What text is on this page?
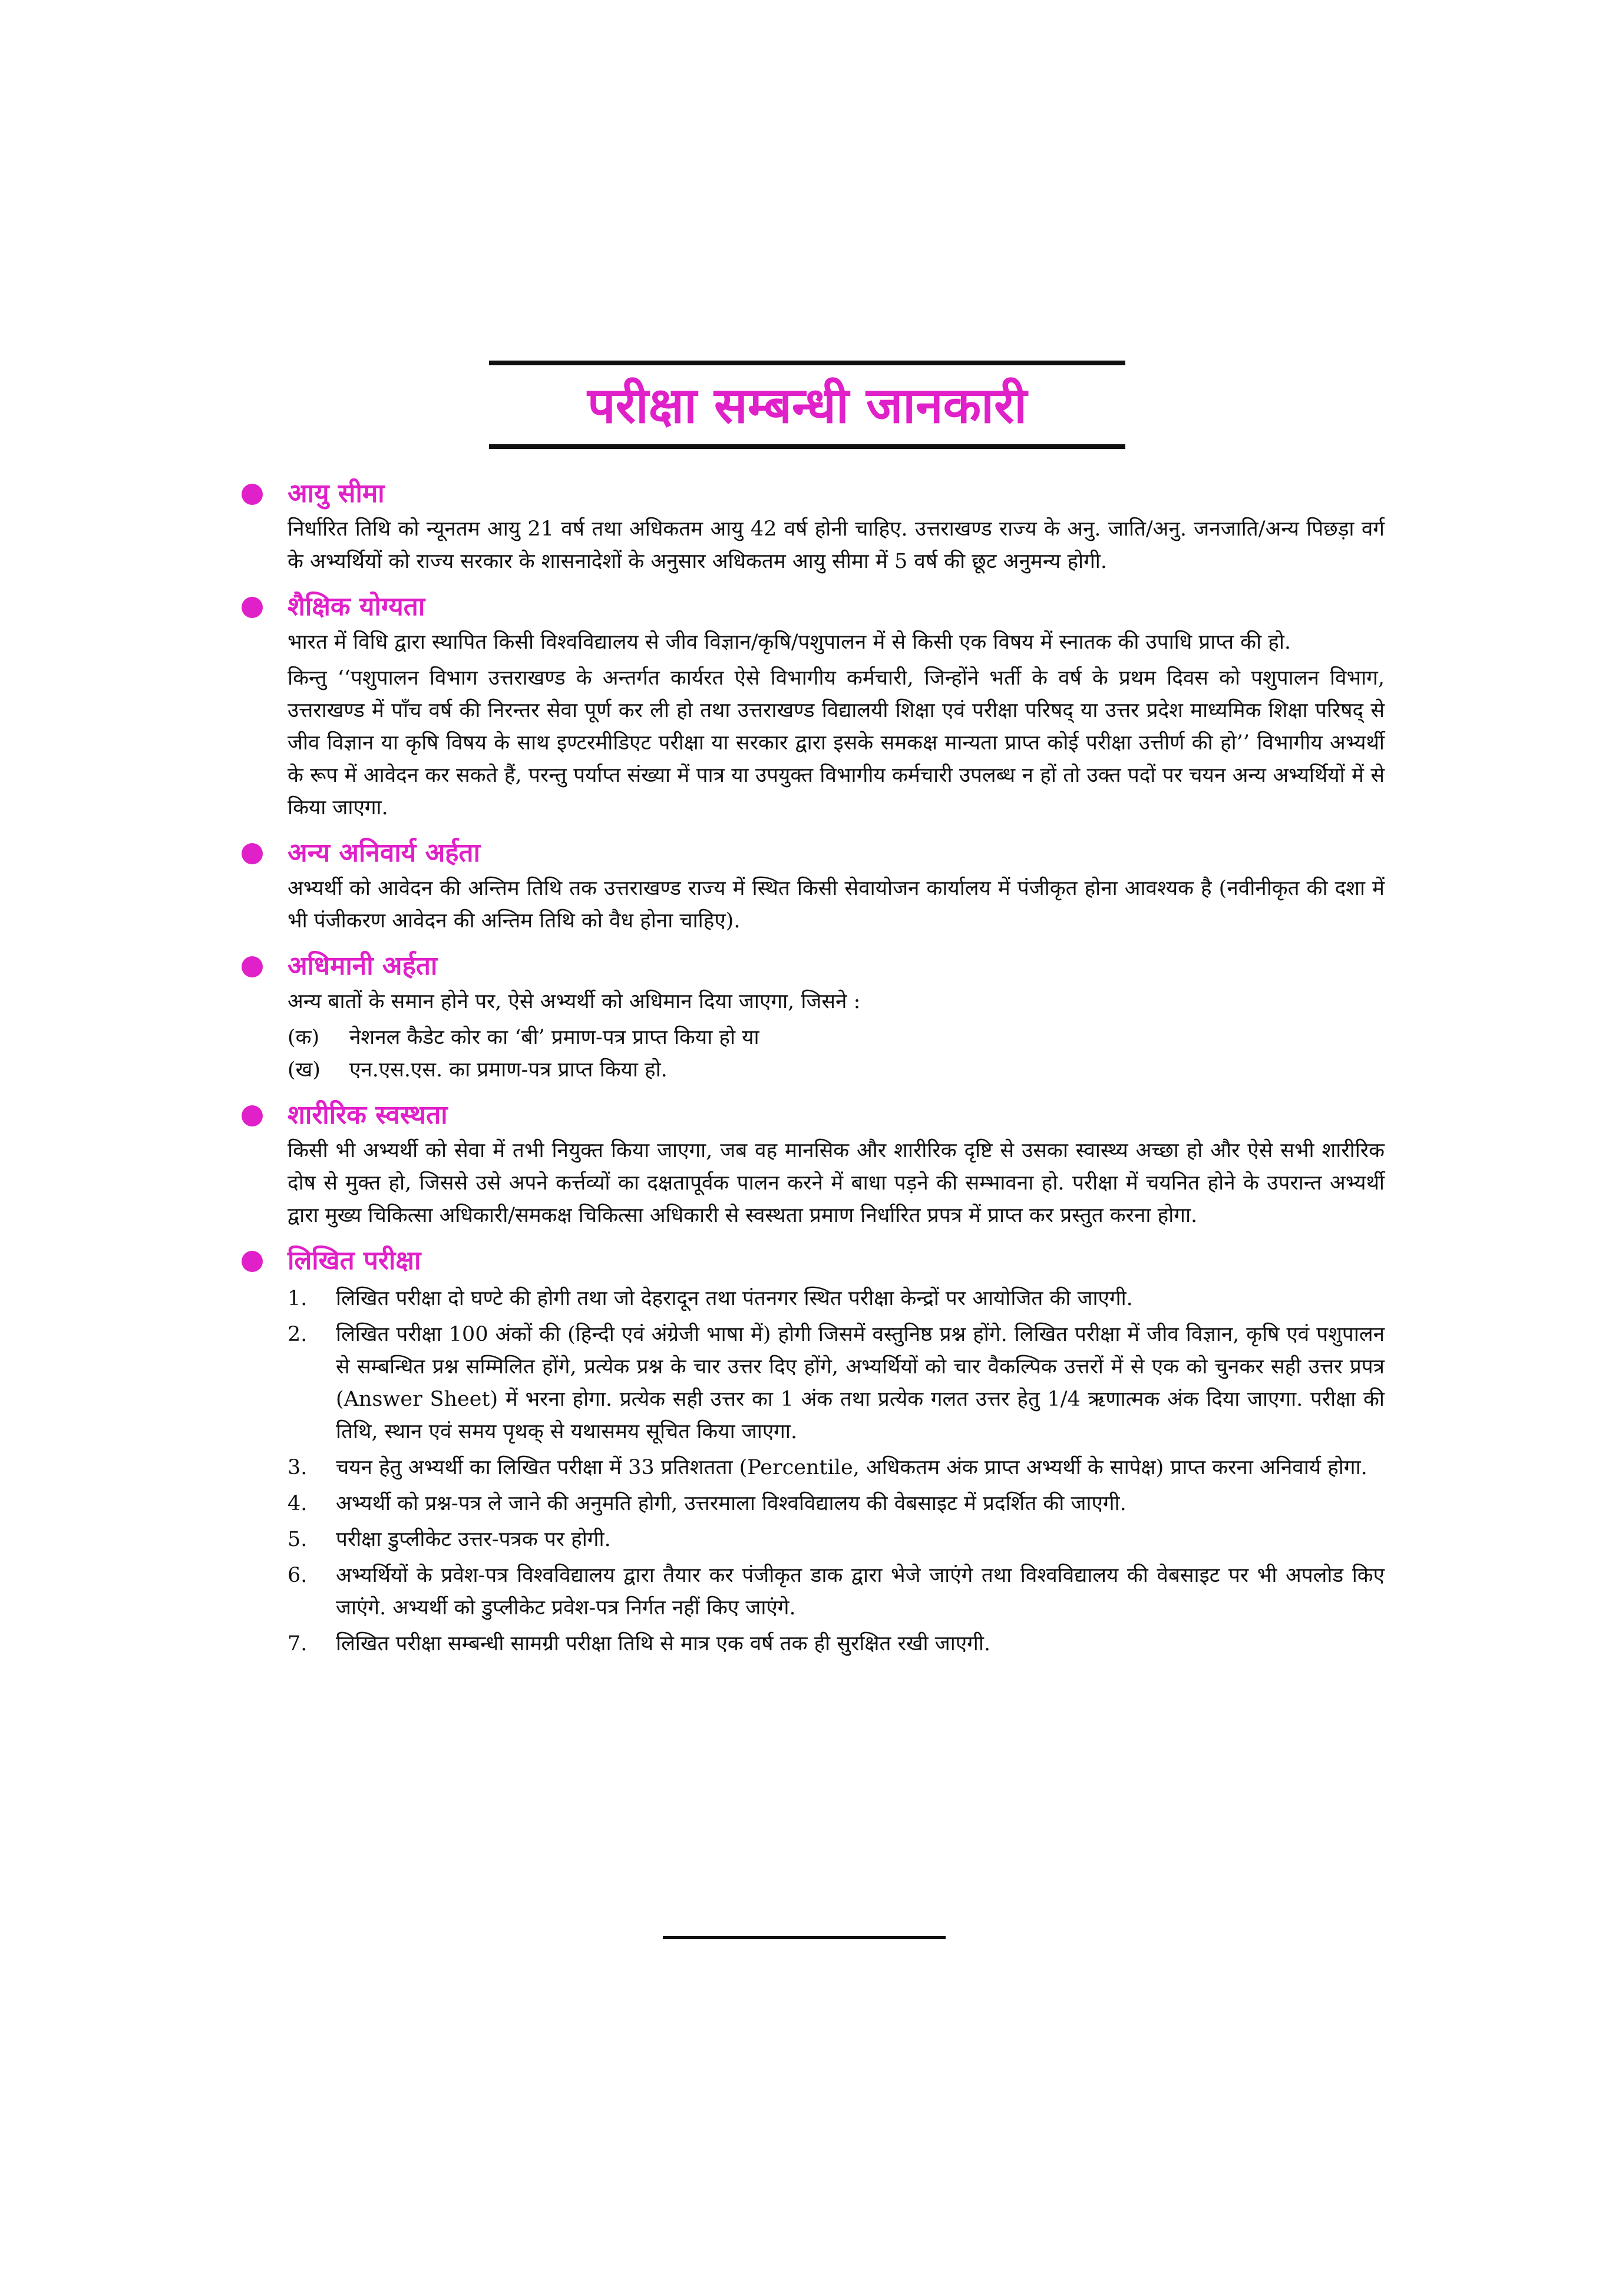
परीक्षा सम्बन्धी जानकारी
आयु सीमा

निर्धारित तिथि को न्यूनतम आयु 21 वर्ष तथा अधिकतम आयु 42 वर्ष होनी चाहिए. उत्तराखण्ड राज्य के अनु. जाति/अनु. जनजाति/अन्य पिछड़ा वर्ग के अभ्यर्थियों को राज्य सरकार के शासनादेशों के अनुसार अधिकतम आयु सीमा में 5 वर्ष की छूट अनुमन्य होगी.

शैक्षिक योग्यता

भारत में विधि द्वारा स्थापित किसी विश्वविद्यालय से जीव विज्ञान/कृषि/पशुपालन में से किसी एक विषय में स्नातक की उपाधि प्राप्त की हो.

किन्तु ‘‘पशुपालन विभाग उत्तराखण्ड के अन्तर्गत कार्यरत ऐसे विभागीय कर्मचारी, जिन्होंने भर्ती के वर्ष के प्रथम दिवस को पशुपालन विभाग, उत्तराखण्ड में पाँच वर्ष की निरन्तर सेवा पूर्ण कर ली हो तथा उत्तराखण्ड विद्यालयी शिक्षा एवं परीक्षा परिषद् या उत्तर प्रदेश माध्यमिक शिक्षा परिषद् से जीव विज्ञान या कृषि विषय के साथ इण्टरमीडिएट परीक्षा या सरकार द्वारा इसके समकक्ष मान्यता प्राप्त कोई परीक्षा उत्तीर्ण की हो’’ विभागीय अभ्यर्थी के रूप में आवेदन कर सकते हैं, परन्तु पर्याप्त संख्या में पात्र या उपयुक्त विभागीय कर्मचारी उपलब्ध न हों तो उक्त पदों पर चयन अन्य अभ्यर्थियों में से किया जाएगा.

अन्य अनिवार्य अर्हता

अभ्यर्थी को आवेदन की अन्तिम तिथि तक उत्तराखण्ड राज्य में स्थित किसी सेवायोजन कार्यालय में पंजीकृत होना आवश्यक है (नवीनीकृत की दशा में भी पंजीकरण आवेदन की अन्तिम तिथि को वैध होना चाहिए).

अधिमानी अर्हता

अन्य बातों के समान होने पर, ऐसे अभ्यर्थी को अधिमान दिया जाएगा, जिसने :

(क) नेशनल कैडेट कोर का ‘बी’ प्रमाण-पत्र प्राप्त किया हो या
(ख) एन.एस.एस. का प्रमाण-पत्र प्राप्त किया हो.
शारीरिक स्वस्थता

किसी भी अभ्यर्थी को सेवा में तभी नियुक्त किया जाएगा, जब वह मानसिक और शारीरिक दृष्टि से उसका स्वास्थ्य अच्छा हो और ऐसे सभी शारीरिक दोष से मुक्त हो, जिससे उसे अपने कर्त्तव्यों का दक्षतापूर्वक पालन करने में बाधा पड़ने की सम्भावना हो. परीक्षा में चयनित होने के उपरान्त अभ्यर्थी द्वारा मुख्य चिकित्सा अधिकारी/समकक्ष चिकित्सा अधिकारी से स्वस्थता प्रमाण निर्धारित प्रपत्र में प्राप्त कर प्रस्तुत करना होगा.

लिखित परीक्षा
1. लिखित परीक्षा दो घण्टे की होगी तथा जो देहरादून तथा पंतनगर स्थित परीक्षा केन्द्रों पर आयोजित की जाएगी.
2. लिखित परीक्षा 100 अंकों की (हिन्दी एवं अंग्रेजी भाषा में) होगी जिसमें वस्तुनिष्ठ प्रश्न होंगे. लिखित परीक्षा में जीव विज्ञान, कृषि एवं पशुपालन से सम्बन्धित प्रश्न सम्मिलित होंगे, प्रत्येक प्रश्न के चार उत्तर दिए होंगे, अभ्यर्थियों को चार वैकल्पिक उत्तरों में से एक को चुनकर सही उत्तर प्रपत्र (Answer Sheet) में भरना होगा. प्रत्येक सही उत्तर का 1 अंक तथा प्रत्येक गलत उत्तर हेतु 1/4 ऋणात्मक अंक दिया जाएगा. परीक्षा की तिथि, स्थान एवं समय पृथक् से यथासमय सूचित किया जाएगा.
3. चयन हेतु अभ्यर्थी का लिखित परीक्षा में 33 प्रतिशतता (Percentile, अधिकतम अंक प्राप्त अभ्यर्थी के सापेक्ष) प्राप्त करना अनिवार्य होगा.
4. अभ्यर्थी को प्रश्न-पत्र ले जाने की अनुमति होगी, उत्तरमाला विश्वविद्यालय की वेबसाइट में प्रदर्शित की जाएगी.
5. परीक्षा डुप्लीकेट उत्तर-पत्रक पर होगी.
6. अभ्यर्थियों के प्रवेश-पत्र विश्वविद्यालय द्वारा तैयार कर पंजीकृत डाक द्वारा भेजे जाएंगे तथा विश्वविद्यालय की वेबसाइट पर भी अपलोड किए जाएंगे. अभ्यर्थी को डुप्लीकेट प्रवेश-पत्र निर्गत नहीं किए जाएंगे.
7. लिखित परीक्षा सम्बन्धी सामग्री परीक्षा तिथि से मात्र एक वर्ष तक ही सुरक्षित रखी जाएगी.
